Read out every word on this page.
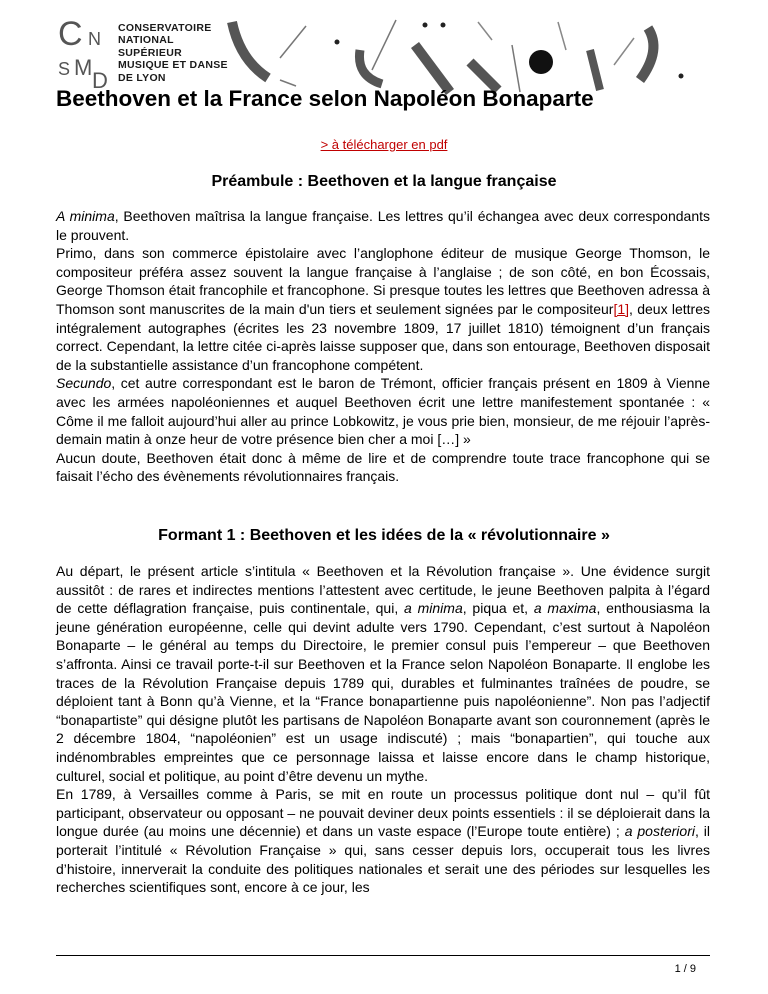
C N
S M
D
CONSERVATOIRE
NATIONAL
SUPÉRIEUR
MUSIQUE ET DANSE
DE LYON
Beethoven et la France selon Napoléon Bonaparte
> à télécharger en pdf
Préambule : Beethoven et la langue française

A minima, Beethoven maîtrisa la langue française. Les lettres qu’il échangea avec deux correspondants le prouvent.

Primo, dans son commerce épistolaire avec l’anglophone éditeur de musique George Thomson, le compositeur préféra assez souvent la langue française à l’anglaise ; de son côté, en bon Écossais, George Thomson était francophile et francophone. Si presque toutes les lettres que Beethoven adressa à Thomson sont manuscrites de la main d'un tiers et seulement signées par le compositeur[1], deux lettres intégralement autographes (écrites les 23 novembre 1809, 17 juillet 1810) témoignent d’un français correct. Cependant, la lettre citée ci-après laisse supposer que, dans son entourage, Beethoven disposait de la substantielle assistance d’un francophone compétent.

Secundo, cet autre correspondant est le baron de Trémont, officier français présent en 1809 à Vienne avec les armées napoléoniennes et auquel Beethoven écrit une lettre manifestement spontanée : « Côme il me falloit aujourd’hui aller au prince Lobkowitz, je vous prie bien, monsieur, de me réjouir l’après-demain matin à onze heur de votre présence bien cher a moi […] »

Aucun doute, Beethoven était donc à même de lire et de comprendre toute trace francophone qui se faisait l’écho des évènements révolutionnaires français.

Formant 1 : Beethoven et les idées de la « révolutionnaire »

Au départ, le présent article s’intitula « Beethoven et la Révolution française ». Une évidence surgit aussitôt : de rares et indirectes mentions l’attestent avec certitude, le jeune Beethoven palpita à l’égard de cette déflagration française, puis continentale, qui, a minima, piqua et, a maxima, enthousiasma la jeune génération européenne, celle qui devint adulte vers 1790. Cependant, c’est surtout à Napoléon Bonaparte – le général au temps du Directoire, le premier consul puis l’empereur – que Beethoven s’affronta. Ainsi ce travail porte-t-il sur Beethoven et la France selon Napoléon Bonaparte. Il englobe les traces de la Révolution Française depuis 1789 qui, durables et fulminantes traînées de poudre, se déploient tant à Bonn qu’à Vienne, et la “France bonapartienne puis napoléonienne”. Non pas l’adjectif “bonapartiste” qui désigne plutôt les partisans de Napoléon Bonaparte avant son couronnement (après le 2 décembre 1804, “napoléonien” est un usage indiscuté) ; mais “bonapartien”, qui touche aux indénombrables empreintes que ce personnage laissa et laisse encore dans le champ historique, culturel, social et politique, au point d’être devenu un mythe.

En 1789, à Versailles comme à Paris, se mit en route un processus politique dont nul – qu’il fût participant, observateur ou opposant – ne pouvait deviner deux points essentiels : il se déploierait dans la longue durée (au moins une décennie) et dans un vaste espace (l’Europe toute entière) ; a posteriori, il porterait l’intitulé « Révolution Française » qui, sans cesser depuis lors, occuperait tous les livres d’histoire, innerverait la conduite des politiques nationales et serait une des périodes sur lesquelles les recherches scientifiques sont, encore à ce jour, les

1 / 9
